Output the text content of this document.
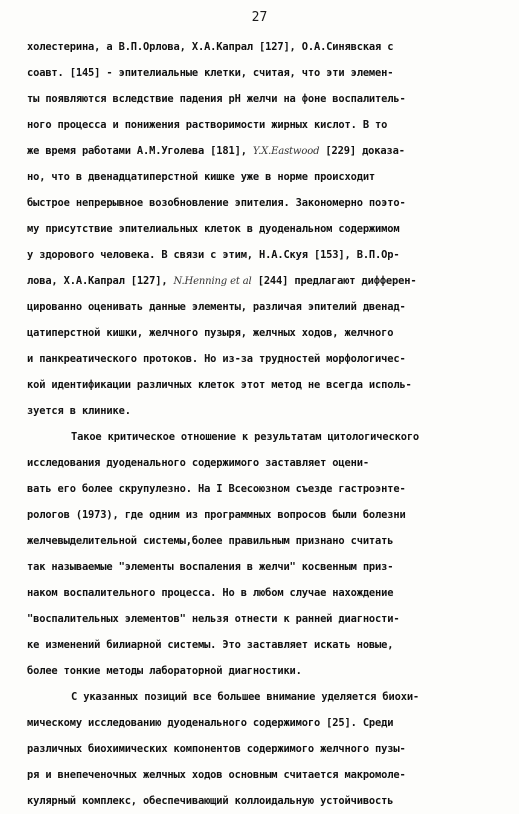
27
холестерина, а В.П.Орлова, Х.А.Капрал [127], О.А.Синявская с
соавт. [145] - эпителиальные клетки, считая, что эти элемен-
ты появляются вследствие падения рН желчи на фоне воспалитель-
ного процесса и понижения растворимости жирных кислот. В то
же время работами А.М.Уголева [181], Y.X.Eastwood [229] доказа-
но, что в двенадцатиперстной кишке уже в норме происходит
быстрое непрерывное возобновление эпителия. Закономерно поэто-
му присутствие эпителиальных клеток в дуоденальном содержимом
у здорового человека. В связи с этим, Н.А.Скуя [153], В.П.Ор-
лова, Х.А.Капрал [127], N.Henning et al [244] предлагают дифферен-
цированно оценивать данные элементы, различая эпителий двенад-
цатиперстной кишки, желчного пузыря, желчных ходов, желчного
и панкреатического протоков. Но из-за трудностей морфологичес-
кой идентификации различных клеток этот метод не всегда исполь-
зуется в клинике.
Такое критическое отношение к результатам цитологического
исследования дуоденального содержимого заставляет оцени-
вать его более скрупулезно. На I Всесоюзном съезде гастроэнте-
рологов (1973), где одним из программных вопросов были болезни
желчевыделительной системы,более правильным признано считать
так называемые "элементы воспаления в желчи" косвенным приз-
наком воспалительного процесса. Но в любом случае нахождение
"воспалительных элементов" нельзя отнести к ранней диагности-
ке изменений билиарной системы. Это заставляет искать новые,
более тонкие методы лабораторной диагностики.
С указанных позиций все большее внимание уделяется биохи-
мическому исследованию дуоденального содержимого [25]. Среди
различных биохимических компонентов содержимого желчного пузы-
ря и внепеченочных желчных ходов основным считается макромоле-
кулярный комплекс, обеспечивающий коллоидальную устойчивость
